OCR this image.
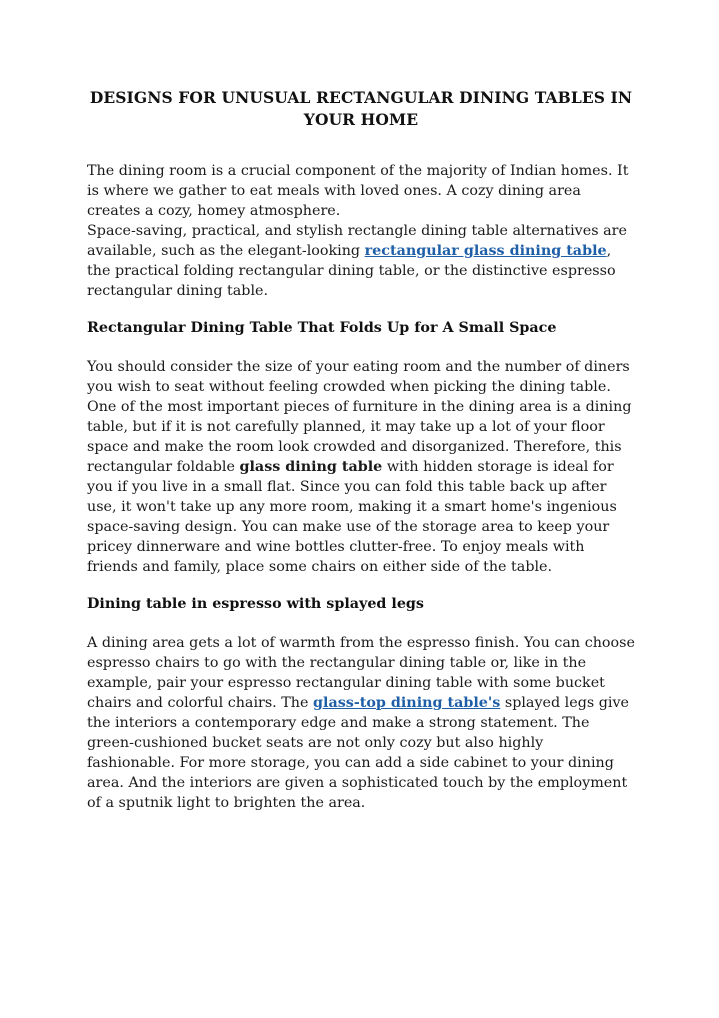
DESIGNS FOR UNUSUAL RECTANGULAR DINING TABLES IN YOUR HOME

The dining room is a crucial component of the majority of Indian homes. It is where we gather to eat meals with loved ones. A cozy dining area creates a cozy, homey atmosphere.
Space-saving, practical, and stylish rectangle dining table alternatives are available, such as the elegant-looking rectangular glass dining table, the practical folding rectangular dining table, or the distinctive espresso rectangular dining table.

Rectangular Dining Table That Folds Up for A Small Space

You should consider the size of your eating room and the number of diners you wish to seat without feeling crowded when picking the dining table. One of the most important pieces of furniture in the dining area is a dining table, but if it is not carefully planned, it may take up a lot of your floor space and make the room look crowded and disorganized. Therefore, this rectangular foldable glass dining table with hidden storage is ideal for you if you live in a small flat. Since you can fold this table back up after use, it won't take up any more room, making it a smart home's ingenious space-saving design. You can make use of the storage area to keep your pricey dinnerware and wine bottles clutter-free. To enjoy meals with friends and family, place some chairs on either side of the table.

Dining table in espresso with splayed legs

A dining area gets a lot of warmth from the espresso finish. You can choose espresso chairs to go with the rectangular dining table or, like in the example, pair your espresso rectangular dining table with some bucket chairs and colorful chairs. The glass-top dining table's splayed legs give the interiors a contemporary edge and make a strong statement. The green-cushioned bucket seats are not only cozy but also highly fashionable. For more storage, you can add a side cabinet to your dining area. And the interiors are given a sophisticated touch by the employment of a sputnik light to brighten the area.
